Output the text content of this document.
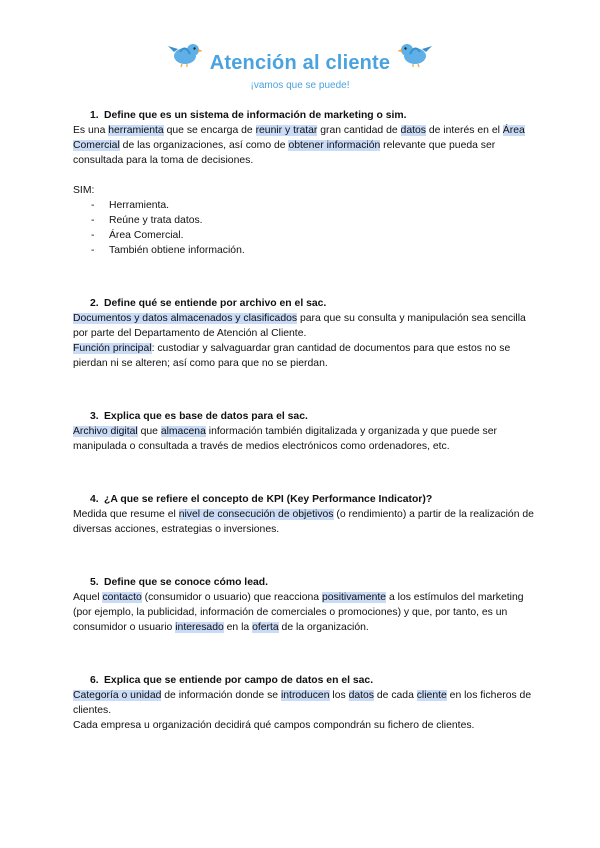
Atención al cliente
¡vamos que se puede!

1. Define que es un sistema de información de marketing o sim.

Es una herramienta que se encarga de reunir y tratar gran cantidad de datos de interés en el Área Comercial de las organizaciones, así como de obtener información relevante que pueda ser consultada para la toma de decisiones.

SIM:

- Herramienta.
- Reúne y trata datos.
- Área Comercial.
- También obtiene información.

2. Define qué se entiende por archivo en el sac.

Documentos y datos almacenados y clasificados para que su consulta y manipulación sea sencilla por parte del Departamento de Atención al Cliente.

Función principal: custodiar y salvaguardar gran cantidad de documentos para que estos no se pierdan ni se alteren; así como para que no se pierdan.

3. Explica que es base de datos para el sac.

Archivo digital que almacena información también digitalizada y organizada y que puede ser manipulada o consultada a través de medios electrónicos como ordenadores, etc.

4. ¿A que se refiere el concepto de KPI (Key Performance Indicator)?

Medida que resume el nivel de consecución de objetivos (o rendimiento) a partir de la realización de diversas acciones, estrategias o inversiones.

5. Define que se conoce cómo lead.

Aquel contacto (consumidor o usuario) que reacciona positivamente a los estímulos del marketing (por ejemplo, la publicidad, información de comerciales o promociones) y que, por tanto, es un consumidor o usuario interesado en la oferta de la organización.

6. Explica que se entiende por campo de datos en el sac.

Categoría o unidad de información donde se introducen los datos de cada cliente en los ficheros de clientes.

Cada empresa u organización decidirá qué campos compondrán su fichero de clientes.
